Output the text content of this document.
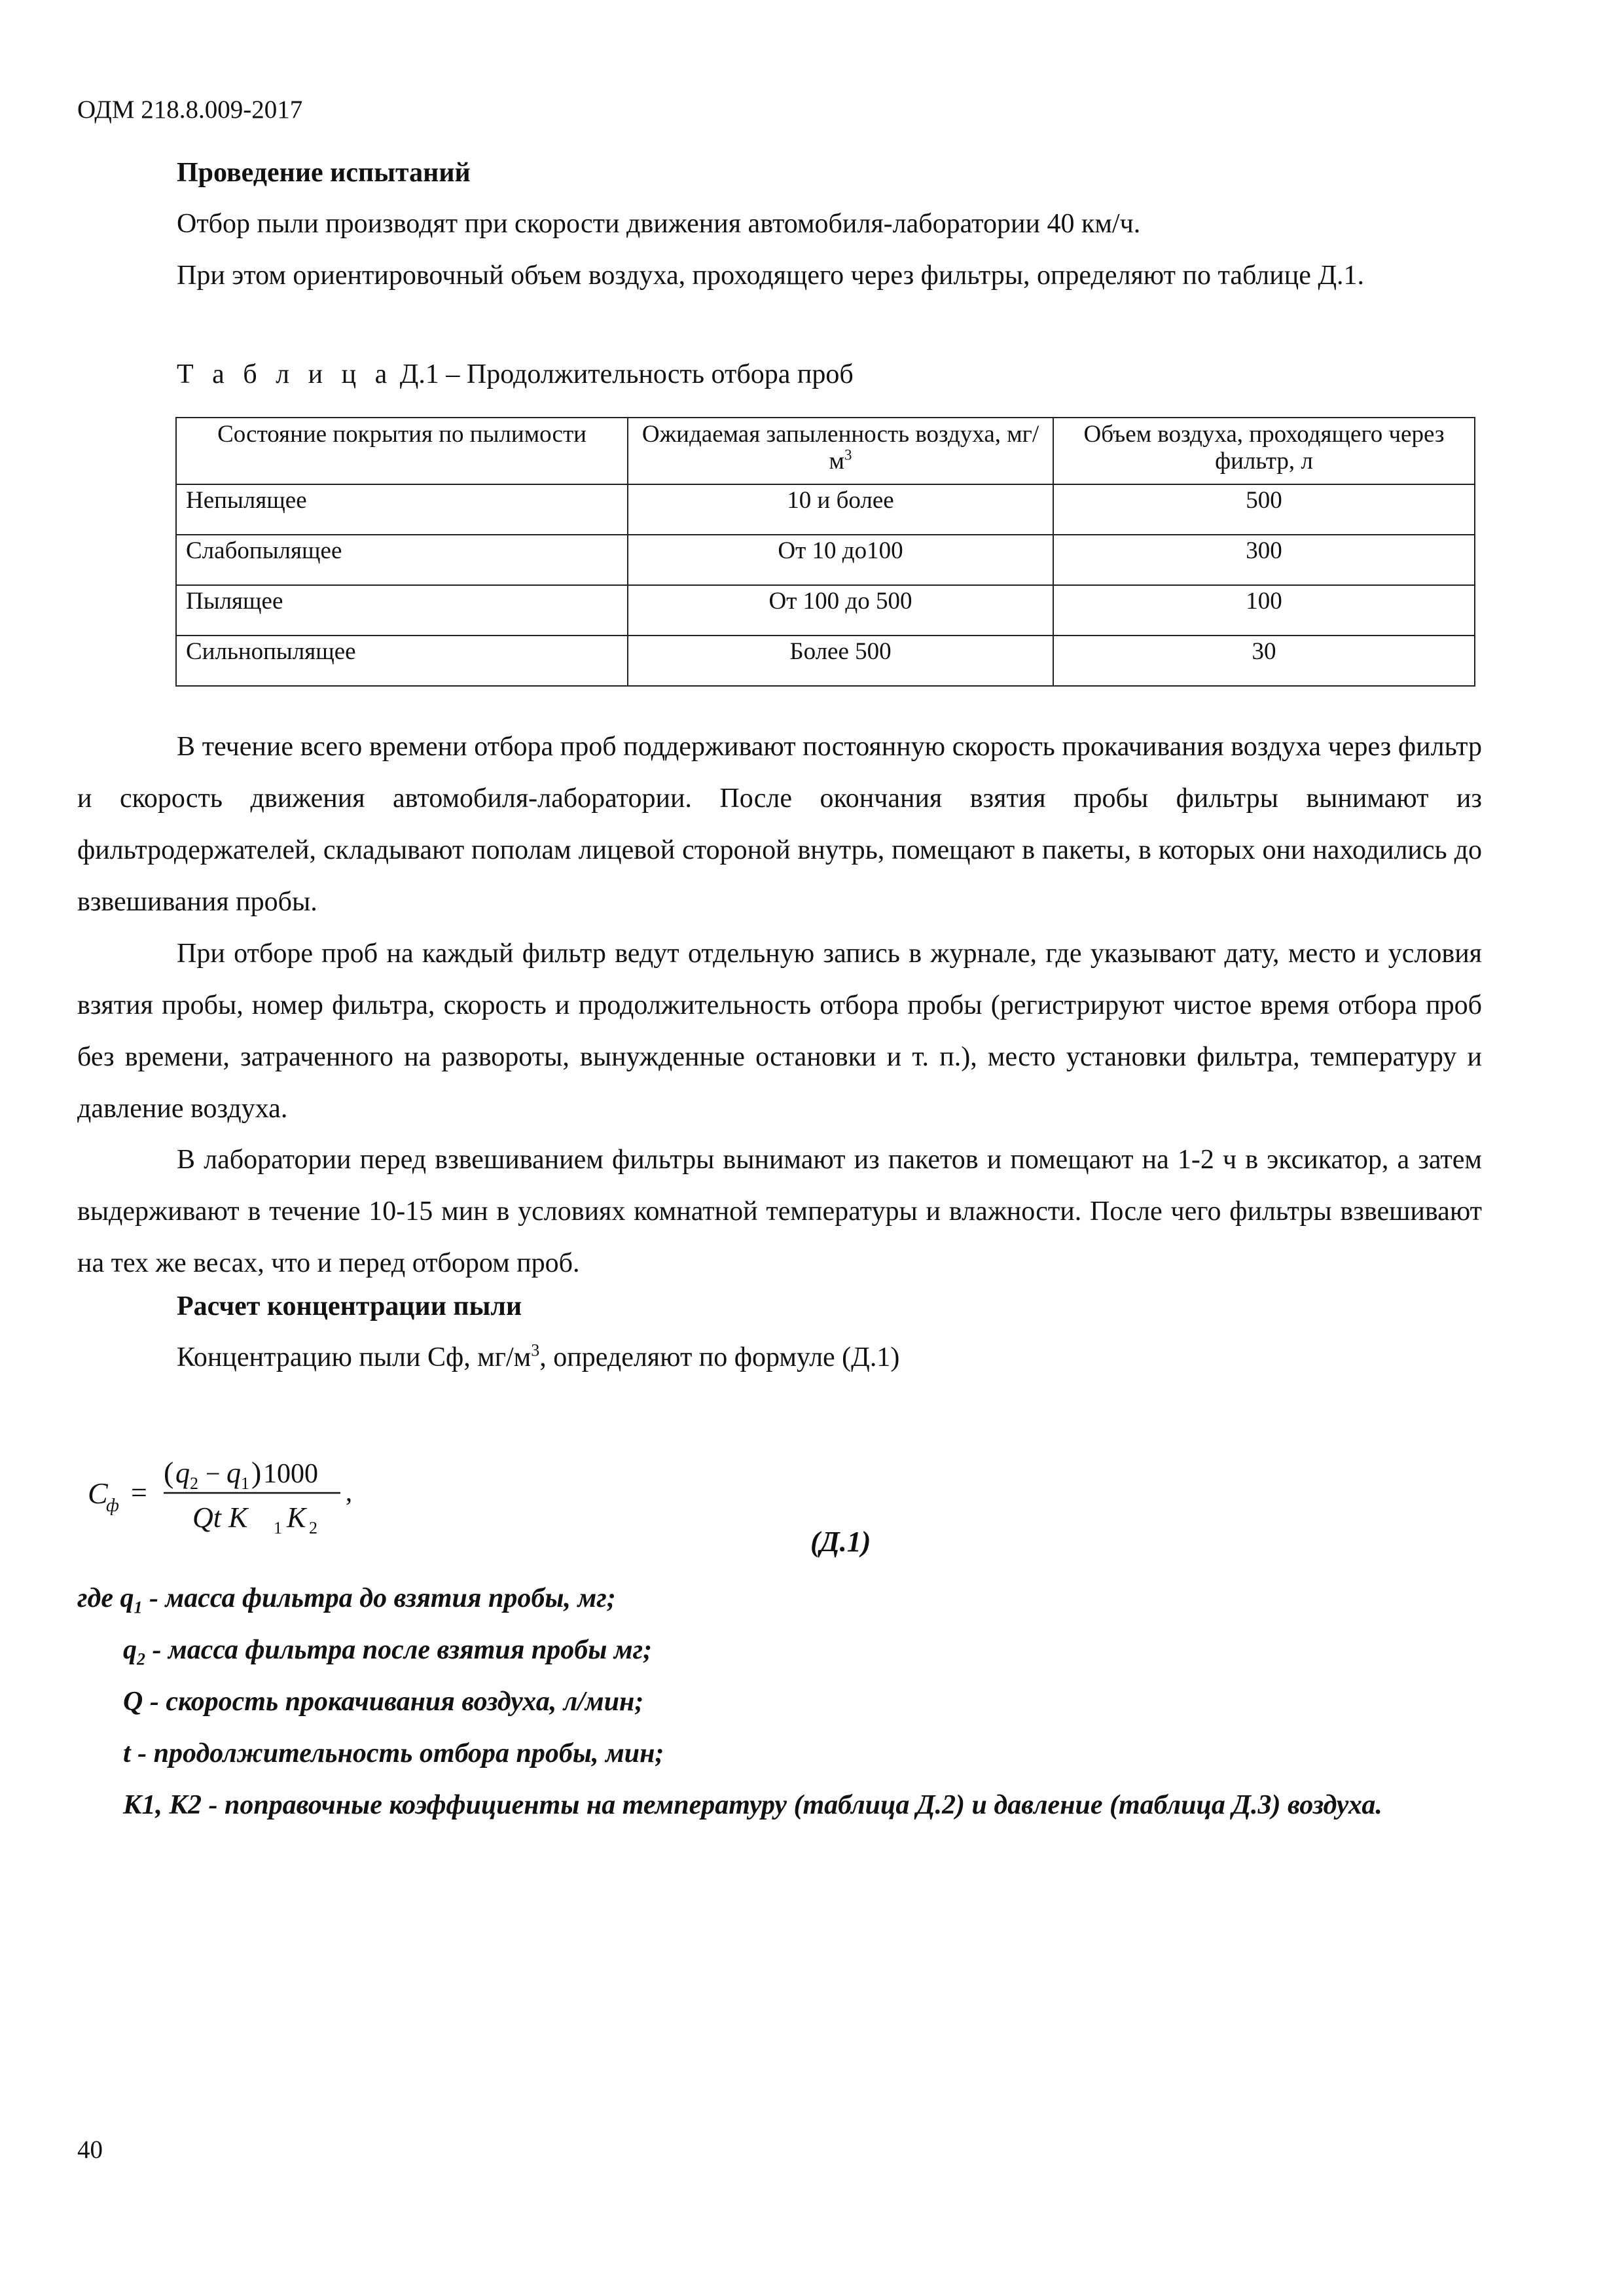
ОДМ 218.8.009-2017
Проведение испытаний

Отбор пыли производят при скорости движения автомобиля-лаборатории 40 км/ч.

При этом ориентировочный объем воздуха, проходящего через фильтры, определяют по таблице Д.1.

Т а б л и ц а Д.1 – Продолжительность отбора проб
Состояние покрытия по пылимости	Ожидаемая запыленность воздуха, $мг/м^3$	Объем воздуха, проходящего через фильтр, л
Непылящее	10 и более	500
Слабопылящее	От 10 до100	300
Пылящее	От 100 до 500	100
Сильнопылящее	Более 500	30

В течение всего времени отбора проб поддерживают постоянную скорость прокачивания воздуха через фильтр и скорость движения автомобиля-лаборатории. После окончания взятия пробы фильтры вынимают из фильтродержателей, складывают пополам лицевой стороной внутрь, помещают в пакеты, в которых они находились до взвешивания пробы.

При отборе проб на каждый фильтр ведут отдельную запись в журнале, где указывают дату, место и условия взятия пробы, номер фильтра, скорость и продолжительность отбора пробы (регистрируют чистое время отбора проб без времени, затраченного на развороты, вынужденные остановки и т. п.), место установки фильтра, температуру и давление воздуха.

В лаборатории перед взвешиванием фильтры вынимают из пакетов и помещают на 1-2 ч в эксикатор, а затем выдерживают в течение 10-15 мин в условиях комнатной температуры и влажности. После чего фильтры взвешивают на тех же весах, что и перед отбором проб.

Расчет концентрации пыли

Концентрацию пыли Сф, $мг/м^3$, определяют по формуле (Д.1)

C
ф =
( q 2 − q 1 ) 1000
Qt K 1 K 2
,
(Д.1)
где $q_1$ - масса фильтра до взятия пробы, мг;
$q_2$ - масса фильтра после взятия пробы мг;
Q - скорость прокачивания воздуха, л/мин;
t - продолжительность отбора пробы, мин;

К1, К2 - поправочные коэффициенты на температуру (таблица Д.2) и давление (таблица Д.3) воздуха.

40
